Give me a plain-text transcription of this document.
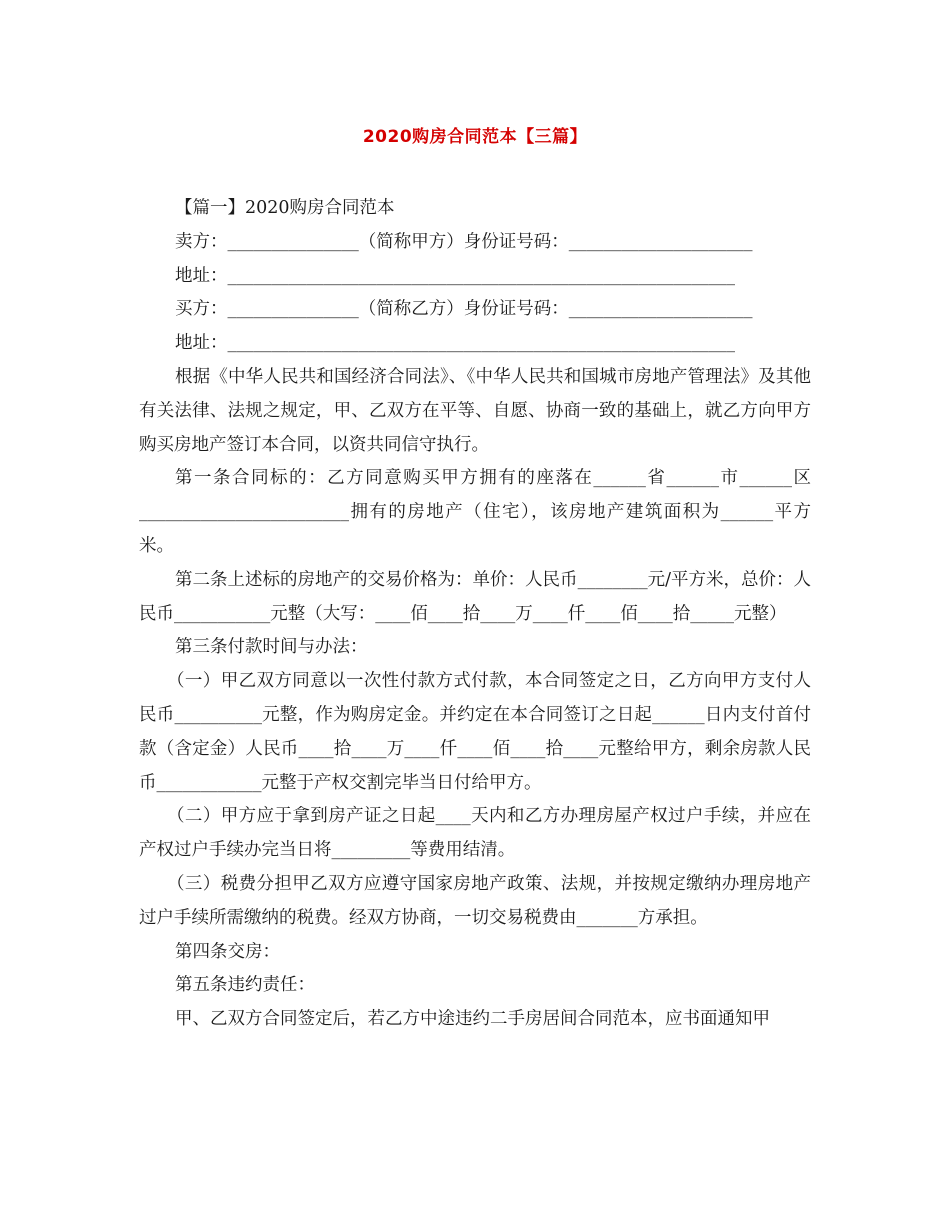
2020购房合同范本【三篇】
【篇一】2020购房合同范本
卖方：_______________（简称甲方）身份证号码：_____________________
地址：__________________________________________________________
买方：_______________（简称乙方）身份证号码：_____________________
地址：__________________________________________________________
根据《中华人民共和国经济合同法》、《中华人民共和国城市房地产管理法》及其他有关法律、法规之规定，甲、乙双方在平等、自愿、协商一致的基础上，就乙方向甲方购买房地产签订本合同，以资共同信守执行。
第一条合同标的：乙方同意购买甲方拥有的座落在______省______市______区________________________拥有的房地产（住宅），该房地产建筑面积为______平方米。
第二条上述标的房地产的交易价格为：单价：人民币________元/平方米，总价：人民币___________元整（大写：____佰____拾____万____仟____佰____拾_____元整）
第三条付款时间与办法：
（一）甲乙双方同意以一次性付款方式付款，本合同签定之日，乙方向甲方支付人民币__________元整，作为购房定金。并约定在本合同签订之日起______日内支付首付款（含定金）人民币____拾____万____仟____佰____拾____元整给甲方，剩余房款人民币____________元整于产权交割完毕当日付给甲方。
（二）甲方应于拿到房产证之日起____天内和乙方办理房屋产权过户手续，并应在产权过户手续办完当日将_________等费用结清。
（三）税费分担甲乙双方应遵守国家房地产政策、法规，并按规定缴纳办理房地产过户手续所需缴纳的税费。经双方协商，一切交易税费由_______方承担。
第四条交房：
第五条违约责任：
甲、乙双方合同签定后，若乙方中途违约二手房居间合同范本，应书面通知甲
